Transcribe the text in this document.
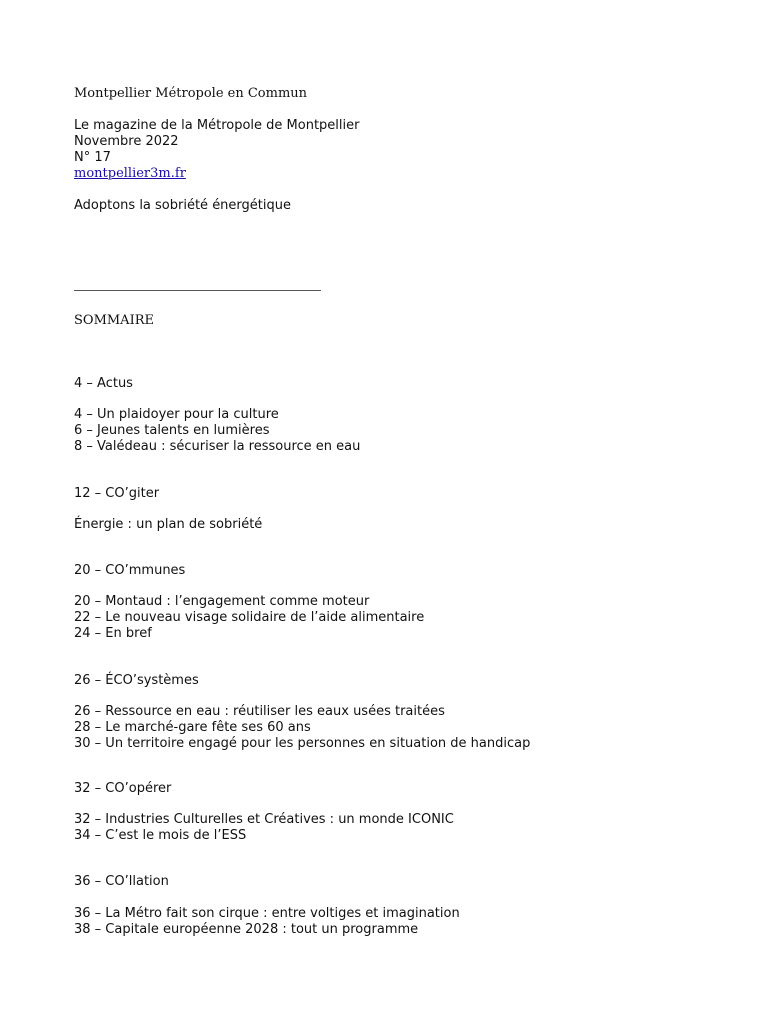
Montpellier Métropole en Commun

Le magazine de la Métropole de Montpellier
Novembre 2022
N° 17
montpellier3m.fr

Adoptons la sobriété énergétique

SOMMAIRE

4 – Actus

4 – Un plaidoyer pour la culture
6 – Jeunes talents en lumières
8 – Valédeau : sécuriser la ressource en eau

12 – CO’giter

Énergie : un plan de sobriété

20 – CO’mmunes

20 – Montaud : l’engagement comme moteur
22 – Le nouveau visage solidaire de l’aide alimentaire
24 – En bref

26 – ÉCO’systèmes

26 – Ressource en eau : réutiliser les eaux usées traitées
28 – Le marché-gare fête ses 60 ans
30 – Un territoire engagé pour les personnes en situation de handicap

32 – CO’opérer

32 – Industries Culturelles et Créatives : un monde ICONIC
34 – C’est le mois de l’ESS

36 – CO’llation

36 – La Métro fait son cirque : entre voltiges et imagination
38 – Capitale européenne 2028 : tout un programme
